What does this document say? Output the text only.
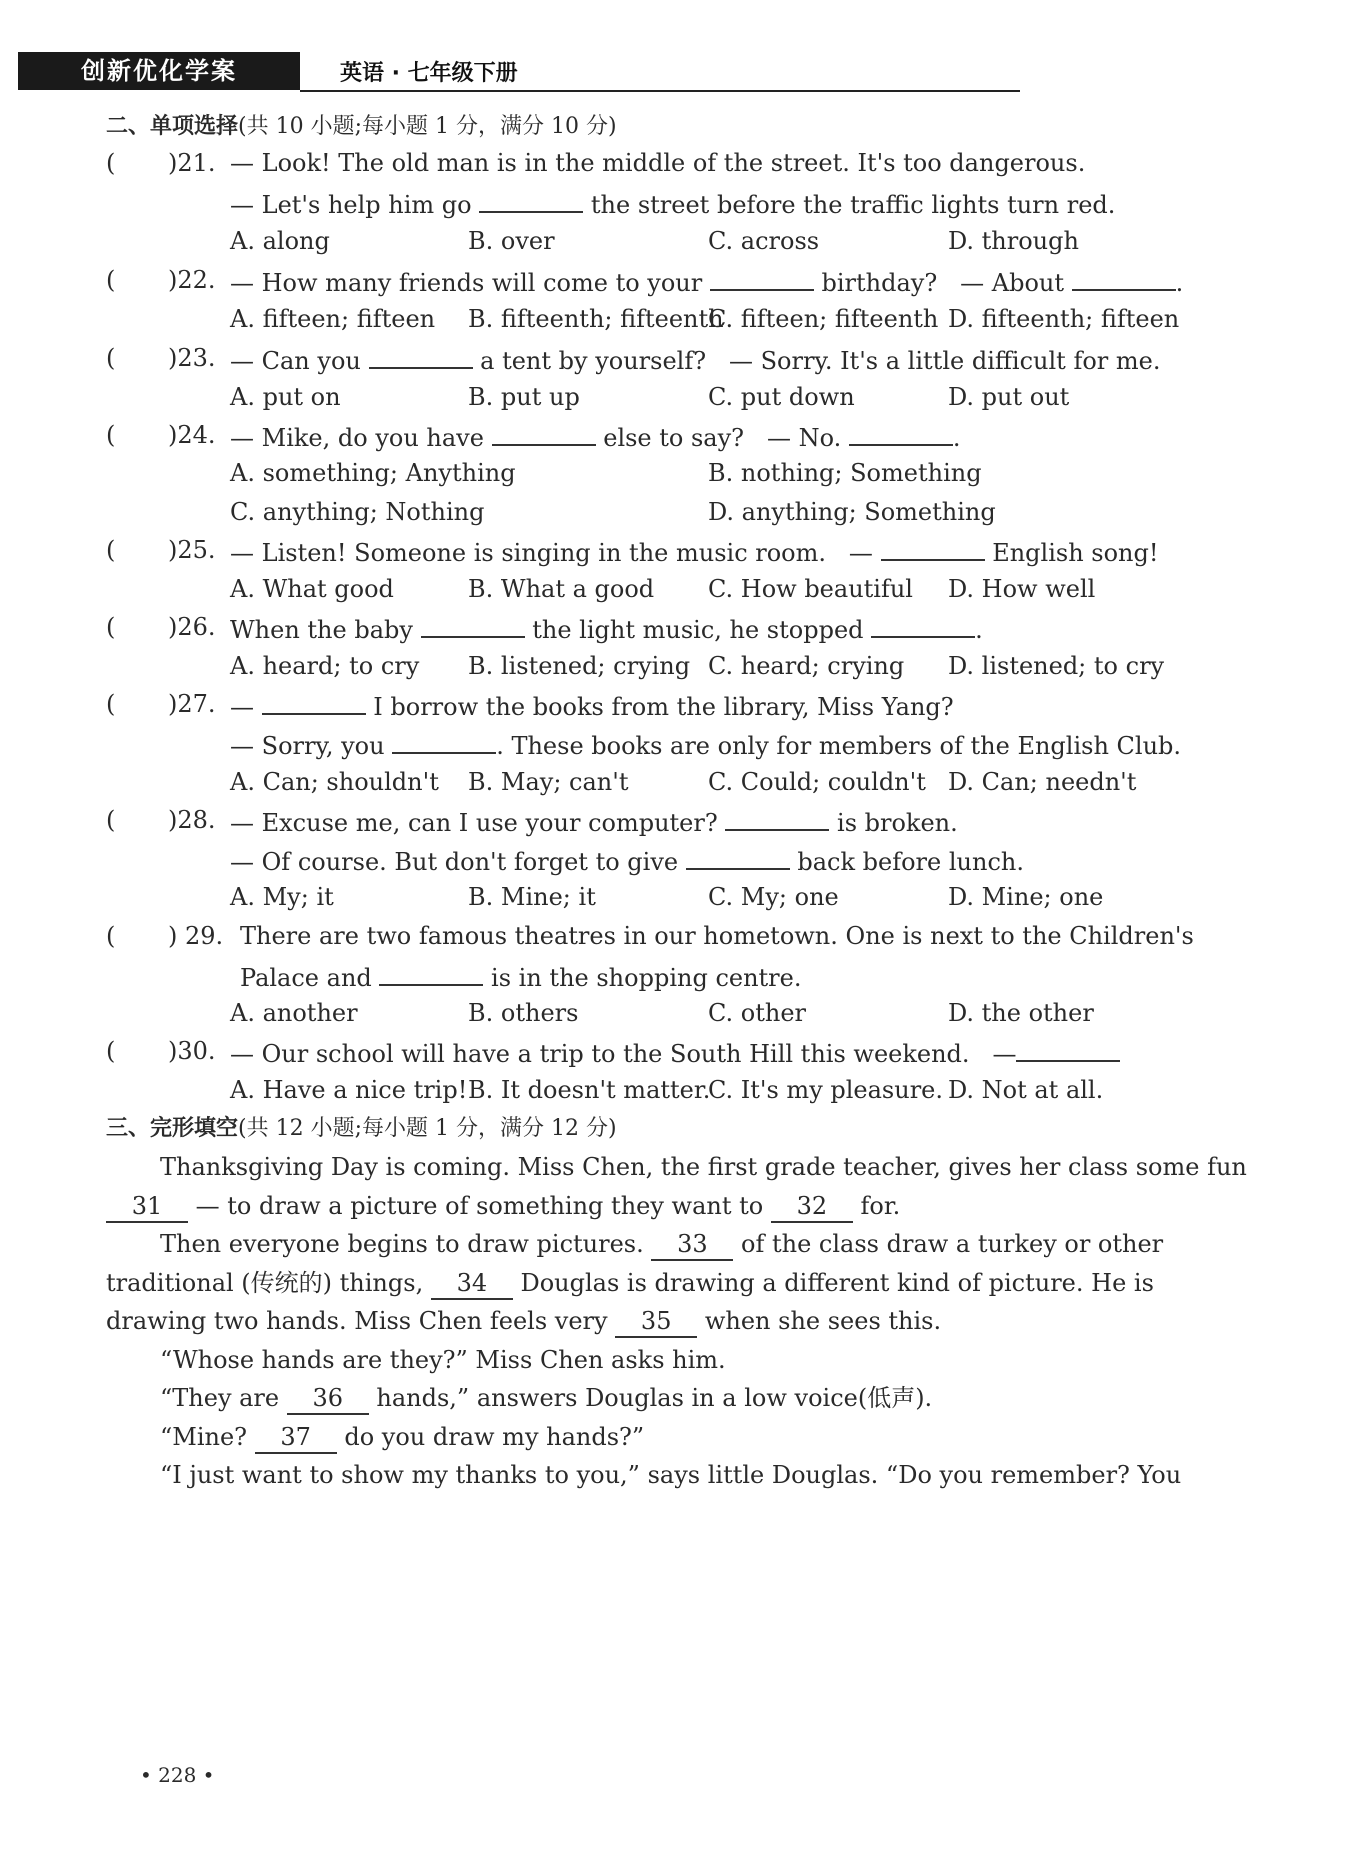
创新优化学案	英语 · 七年级下册
二、单项选择(共 10 小题;每小题 1 分，满分 10 分)
( )21. — Look! The old man is in the middle of the street. It's too dangerous.
— Let's help him go	the street before the traffic lights turn red.
A. along	B. over	C. across	D. through
( )22. — How many friends will come to your	birthday? — About	.
A. fifteen; fifteen B. fifteenth; fifteenth
C. fifteen; fifteenth D. fifteenth; fifteen
( )23. — Can you	a tent by yourself? — Sorry. It's a little difficult for me.
A. put on	B. put up	C. put down	D. put out
( )24. — Mike, do you have	else to say? — No.	.
A. something; Anything	B. nothing; Something
C. anything; Nothing	D. anything; Something
( )25. — Listen! Someone is singing in the music room. —	English song!
A. What good	B. What a good C. How beautiful D. How well
( )26. When the baby	the light music, he stopped	.
A. heard; to cry B. listened; crying C. heard; crying D. listened; to cry
( )27. —	I borrow the books from the library, Miss Yang?
— Sorry, you	. These books are only for members of the English Club.
A. Can; shouldn't B. May; can't	C. Could; couldn't D. Can; needn't
( )28. — Excuse me, can I use your computer?	is broken.
— Of course. But don't forget to give	back before lunch.
A. My; it	B. Mine; it	C. My; one	D. Mine; one
( ) 29. There are two famous theatres in our hometown. One is next to the Children's
Palace and	is in the shopping centre.
A. another	B. others	C. other	D. the other
( )30. — Our school will have a trip to the South Hill this weekend. —
A. Have a nice trip! B. It doesn't matter.
C. It's my pleasure. D. Not at all.
三、完形填空(共 12 小题;每小题 1 分，满分 12 分)
Thanksgiving Day is coming. Miss Chen, the first grade teacher, gives her class some fun
31 — to draw a picture of something they want to 32 for.
Then everyone begins to draw pictures. 33 of the class draw a turkey or other
traditional (传统的) things, 34 Douglas is drawing a different kind of picture. He is
drawing two hands. Miss Chen feels very 35 when she sees this.
“Whose hands are they?” Miss Chen asks him.
“They are 36 hands,” answers Douglas in a low voice(低声).
“Mine? 37 do you draw my hands?”
“I just want to show my thanks to you,” says little Douglas. “Do you remember? You
• 228 •
